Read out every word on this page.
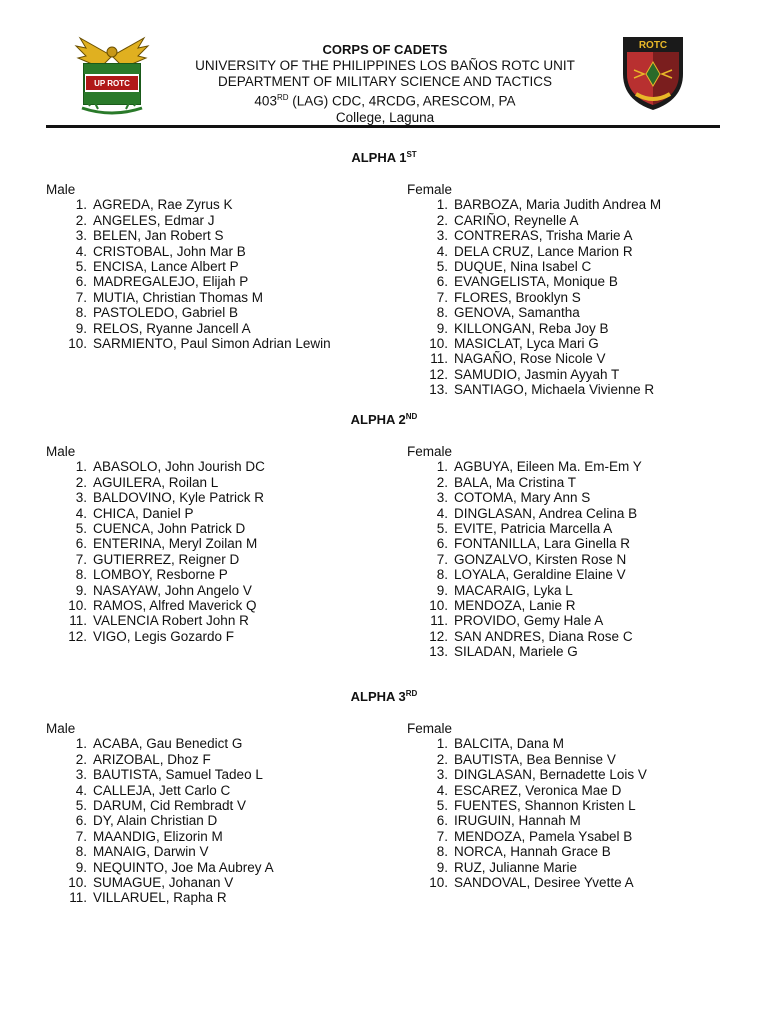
UP ROTC
ROTC
CORPS OF CADETS
UNIVERSITY OF THE PHILIPPINES LOS BAÑOS ROTC UNIT
DEPARTMENT OF MILITARY SCIENCE AND TACTICS
403RD (LAG) CDC, 4RCDG, ARESCOM, PA
College, Laguna
ALPHA 1ST
Male
1. AGREDA, Rae Zyrus K
2. ANGELES, Edmar J
3. BELEN, Jan Robert S
4. CRISTOBAL, John Mar B
5. ENCISA, Lance Albert P
6. MADREGALEJO, Elijah P
7. MUTIA, Christian Thomas M
8. PASTOLEDO, Gabriel B
9. RELOS, Ryanne Jancell A
10. SARMIENTO, Paul Simon Adrian Lewin
Female
1. BARBOZA, Maria Judith Andrea M
2. CARIÑO, Reynelle A
3. CONTRERAS, Trisha Marie A
4. DELA CRUZ, Lance Marion R
5. DUQUE, Nina Isabel C
6. EVANGELISTA, Monique B
7. FLORES, Brooklyn S
8. GENOVA, Samantha
9. KILLONGAN, Reba Joy B
10. MASICLAT, Lyca Mari G
11. NAGAÑO, Rose Nicole V
12. SAMUDIO, Jasmin Ayyah T
13. SANTIAGO, Michaela Vivienne R
ALPHA 2ND
Male
1. ABASOLO, John Jourish DC
2. AGUILERA, Roilan L
3. BALDOVINO, Kyle Patrick R
4. CHICA, Daniel P
5. CUENCA, John Patrick D
6. ENTERINA, Meryl Zoilan M
7. GUTIERREZ, Reigner D
8. LOMBOY, Resborne P
9. NASAYAW, John Angelo V
10. RAMOS, Alfred Maverick Q
11. VALENCIA Robert John R
12. VIGO, Legis Gozardo F
Female
1. AGBUYA, Eileen Ma. Em-Em Y
2. BALA, Ma Cristina T
3. COTOMA, Mary Ann S
4. DINGLASAN, Andrea Celina B
5. EVITE, Patricia Marcella A
6. FONTANILLA, Lara Ginella R
7. GONZALVO, Kirsten Rose N
8. LOYALA, Geraldine Elaine V
9. MACARAIG, Lyka L
10. MENDOZA, Lanie R
11. PROVIDO, Gemy Hale A
12. SAN ANDRES, Diana Rose C
13. SILADAN, Mariele G
ALPHA 3RD
Male
1. ACABA, Gau Benedict G
2. ARIZOBAL, Dhoz F
3. BAUTISTA, Samuel Tadeo L
4. CALLEJA, Jett Carlo C
5. DARUM, Cid Rembradt V
6. DY, Alain Christian D
7. MAANDIG, Elizorin M
8. MANAIG, Darwin V
9. NEQUINTO, Joe Ma Aubrey A
10. SUMAGUE, Johanan V
11. VILLARUEL, Rapha R
Female
1. BALCITA, Dana M
2. BAUTISTA, Bea Bennise V
3. DINGLASAN, Bernadette Lois V
4. ESCAREZ, Veronica Mae D
5. FUENTES, Shannon Kristen L
6. IRUGUIN, Hannah M
7. MENDOZA, Pamela Ysabel B
8. NORCA, Hannah Grace B
9. RUZ, Julianne Marie
10. SANDOVAL, Desiree Yvette A
